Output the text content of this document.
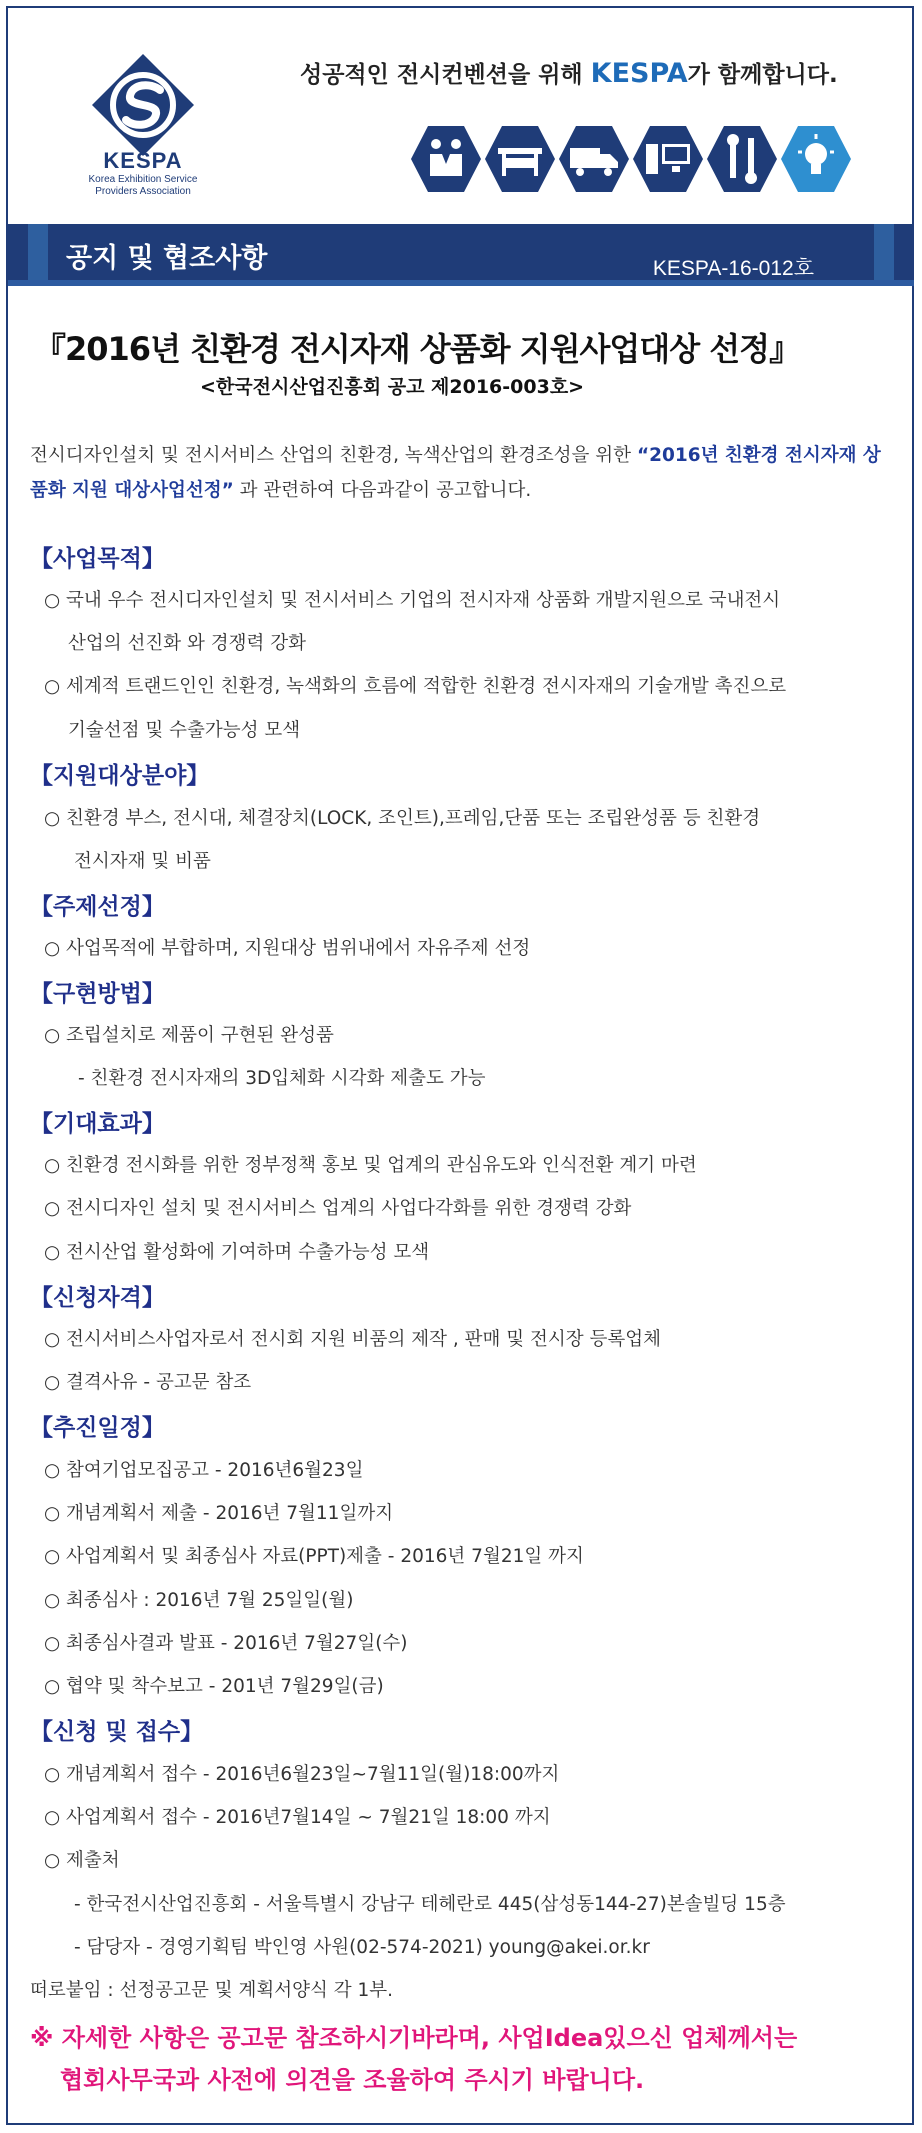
KESPA
Korea Exhibition Service
Providers Association
성공적인 전시컨벤션을 위해 KESPA가 함께합니다.
공지 및 협조사항	KESPA-16-012호
『2016년 친환경 전시자재 상품화 지원사업대상 선정』
<한국전시산업진흥회 공고 제2016-003호>
전시디자인설치 및 전시서비스 산업의 친환경, 녹색산업의 환경조성을 위한 “2016년 친환경 전시자재 상품화 지원 대상사업선정” 과 관련하여 다음과같이 공고합니다.
【사업목적】
○ 국내 우수 전시디자인설치 및 전시서비스 기업의 전시자재 상품화 개발지원으로 국내전시
산업의 선진화 와 경쟁력 강화
○ 세계적 트랜드인인 친환경, 녹색화의 흐름에 적합한 친환경 전시자재의 기술개발 촉진으로
기술선점 및 수출가능성 모색
【지원대상분야】
○ 친환경 부스, 전시대, 체결장치(LOCK, 조인트),프레임,단품 또는 조립완성품 등 친환경
전시자재 및 비품
【주제선정】
○ 사업목적에 부합하며, 지원대상 범위내에서 자유주제 선정
【구현방법】
○ 조립설치로 제품이 구현된 완성품
- 친환경 전시자재의 3D입체화 시각화 제출도 가능
【기대효과】
○ 친환경 전시화를 위한 정부정책 홍보 및 업계의 관심유도와 인식전환 계기 마련
○ 전시디자인 설치 및 전시서비스 업계의 사업다각화를 위한 경쟁력 강화
○ 전시산업 활성화에 기여하며 수출가능성 모색
【신청자격】
○ 전시서비스사업자로서 전시회 지원 비품의 제작 , 판매 및 전시장 등록업체
○ 결격사유 - 공고문 참조
【추진일정】
○ 참여기업모집공고 - 2016년6월23일
○ 개념계획서 제출 - 2016년 7월11일까지
○ 사업계획서 및 최종심사 자료(PPT)제출 - 2016년 7월21일 까지
○ 최종심사 : 2016년 7월 25일일(월)
○ 최종심사결과 발표 - 2016년 7월27일(수)
○ 협약 및 착수보고 - 201년 7월29일(금)
【신청 및 접수】
○ 개념계획서 접수 - 2016년6월23일~7월11일(월)18:00까지
○ 사업계획서 접수 - 2016년7월14일 ~ 7월21일 18:00 까지
○ 제출처
- 한국전시산업진흥회 - 서울특별시 강남구 테헤란로 445(삼성동144-27)본솔빌딩 15층
- 담당자 - 경영기획팀 박인영 사원(02-574-2021) young@akei.or.kr
떠로붙임 : 선정공고문 및 계획서양식 각 1부.
※ 자세한 사항은 공고문 참조하시기바라며, 사업Idea있으신 업체께서는
협회사무국과 사전에 의견을 조율하여 주시기 바랍니다.
